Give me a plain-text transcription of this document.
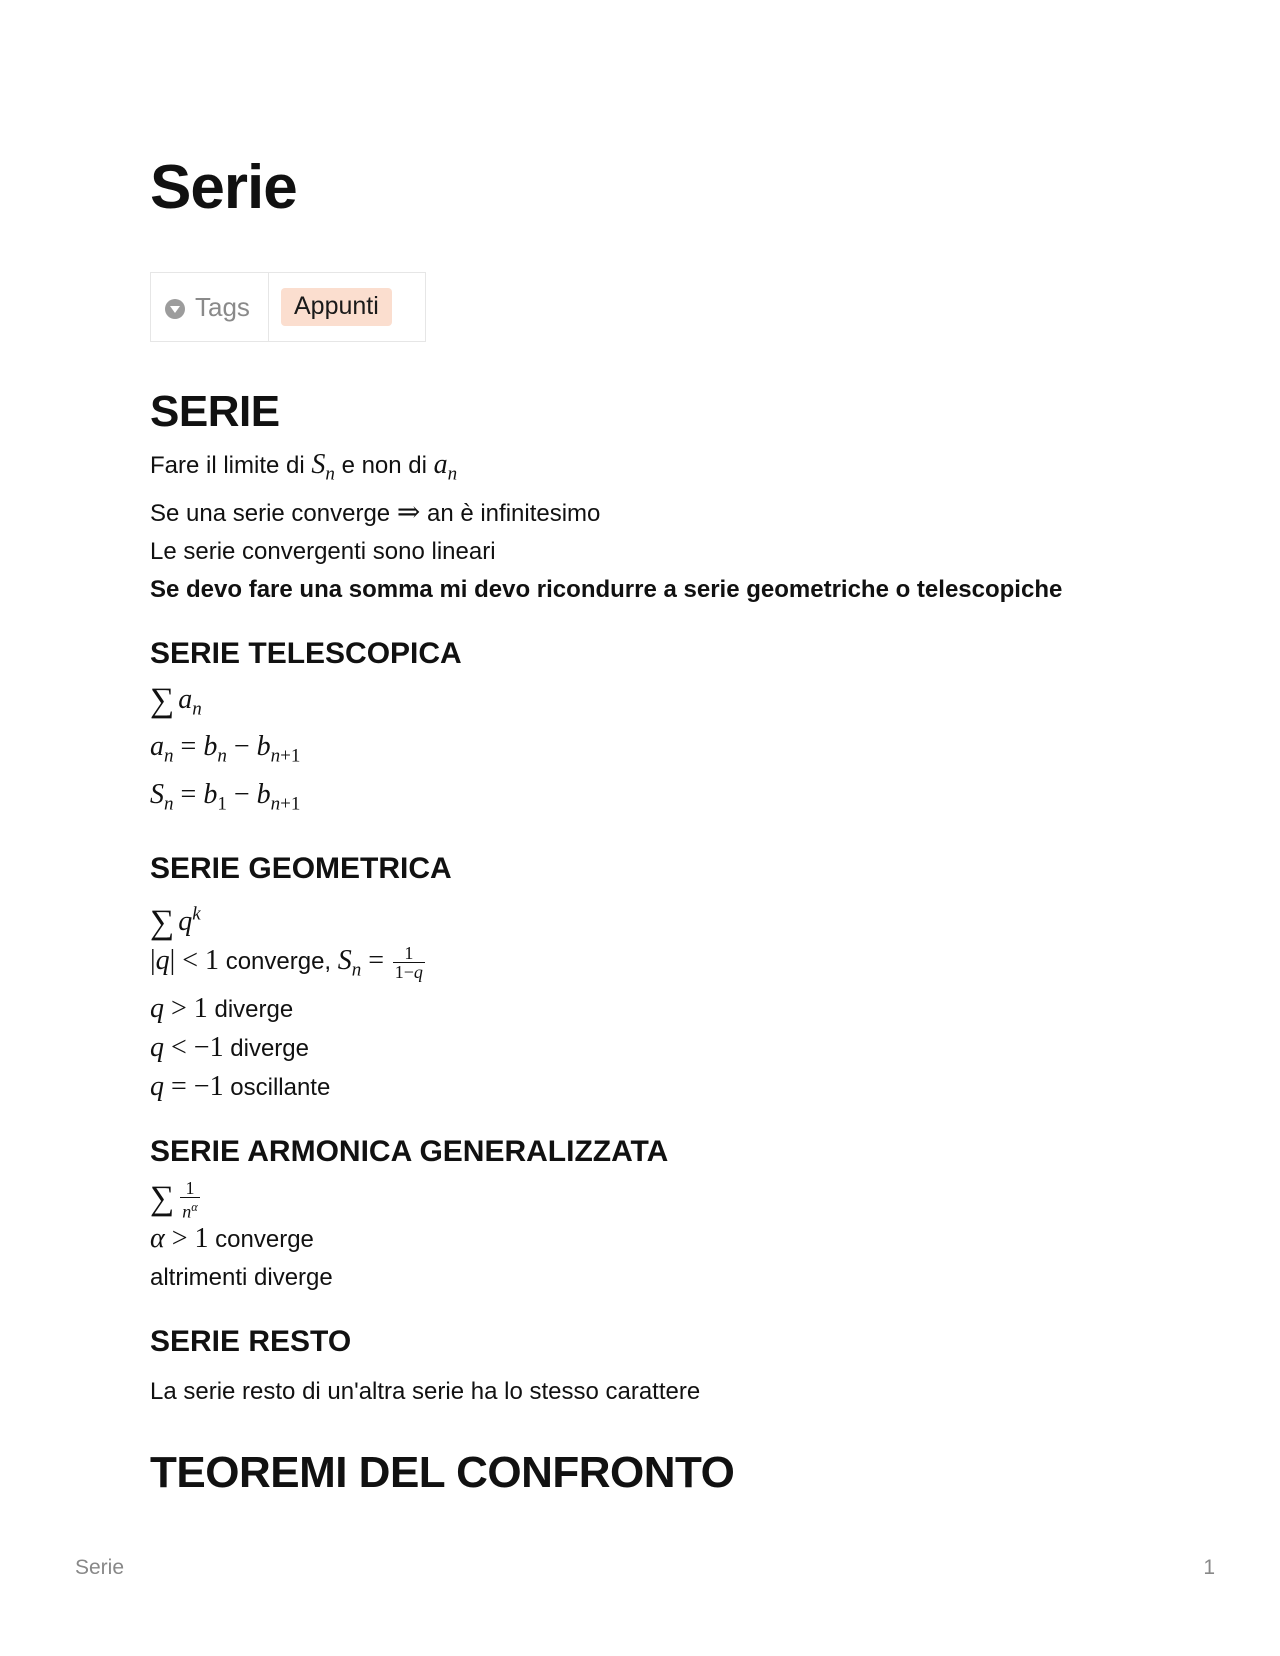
Serie
Tags	Appunti
SERIE
Fare il limite di $S_n$ e non di $a_n$
Se una serie converge ⇒ an è infinitesimo
Le serie convergenti sono lineari
Se devo fare una somma mi devo ricondurre a serie geometriche o telescopiche
SERIE TELESCOPICA
∑ $a_n$
$a_n = b_n - b_{n+1}$
$S_n = b_1 - b_{n+1}$
SERIE GEOMETRICA
∑ $q^k$
|q| < 1 converge, $S_n = \frac{1}{1-q}$
q > 1 diverge
q < −1 diverge
q = −1 oscillante
SERIE ARMONICA GENERALIZZATA
∑ $\frac{1}{n^\alpha}$
α > 1 converge
altrimenti diverge
SERIE RESTO
La serie resto di un'altra serie ha lo stesso carattere
TEOREMI DEL CONFRONTO
Serie	1
